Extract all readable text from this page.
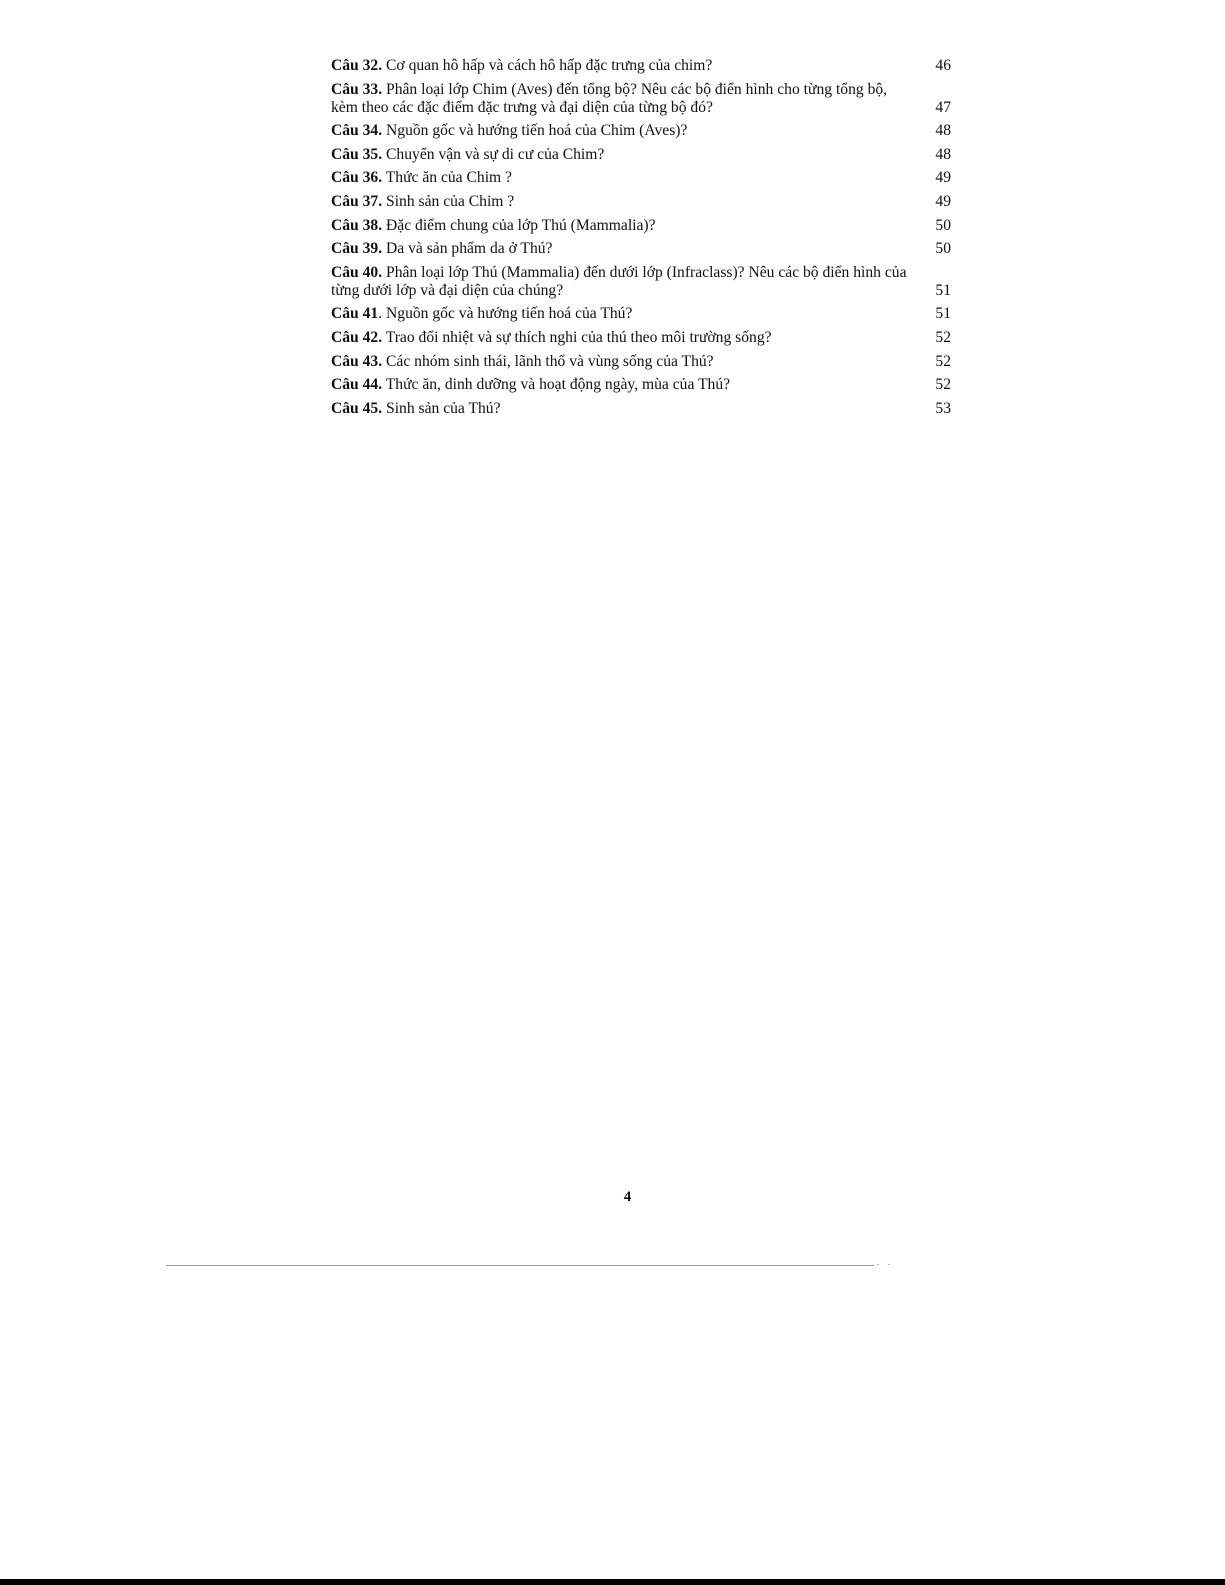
Câu 32. Cơ quan hô hấp và cách hô hấp đặc trưng của chim?	46
Câu 33. Phân loại lớp Chim (Aves) đến tổng bộ? Nêu các bộ điển hình cho từng tổng bộ, kèm theo các đặc điểm đặc trưng và đại diện của từng bộ đó?	47
Câu 34. Nguồn gốc và hướng tiến hoá của Chim (Aves)?	48
Câu 35. Chuyển vận và sự di cư của Chim?	48
Câu 36. Thức ăn của Chim ?	49
Câu 37. Sinh sản của Chim ?	49
Câu 38. Đặc điểm chung của lớp Thú (Mammalia)?	50
Câu 39. Da và sản phẩm da ở Thú?	50
Câu 40. Phân loại lớp Thú (Mammalia) đến dưới lớp (Infraclass)? Nêu các bộ điển hình của từng dưới lớp và đại diện của chúng?	51
Câu 41. Nguồn gốc và hướng tiến hoá của Thú?	51
Câu 42. Trao đổi nhiệt và sự thích nghi của thú theo môi trường sống?	52
Câu 43. Các nhóm sinh thái, lãnh thổ và vùng sống của Thú?	52
Câu 44. Thức ăn, dinh dưỡng và hoạt động ngày, mùa của Thú?	52
Câu 45. Sinh sản của Thú?	53
4
